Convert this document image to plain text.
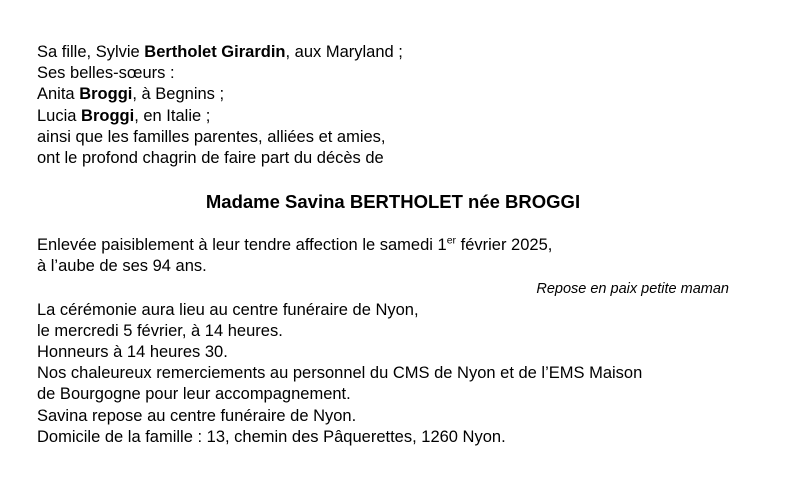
Sa fille, Sylvie Bertholet Girardin, aux Maryland ;
Ses belles-sœurs :
Anita Broggi, à Begnins ;
Lucia Broggi, en Italie ;
ainsi que les familles parentes, alliées et amies,
ont le profond chagrin de faire part du décès de
Madame Savina BERTHOLET née BROGGI
Enlevée paisiblement à leur tendre affection le samedi 1er février 2025,
à l’aube de ses 94 ans.
Repose en paix petite maman
La cérémonie aura lieu au centre funéraire de Nyon,
le mercredi 5 février, à 14 heures.
Honneurs à 14 heures 30.
Nos chaleureux remerciements au personnel du CMS de Nyon et de l’EMS Maison
de Bourgogne pour leur accompagnement.
Savina repose au centre funéraire de Nyon.
Domicile de la famille : 13, chemin des Pâquerettes, 1260 Nyon.
